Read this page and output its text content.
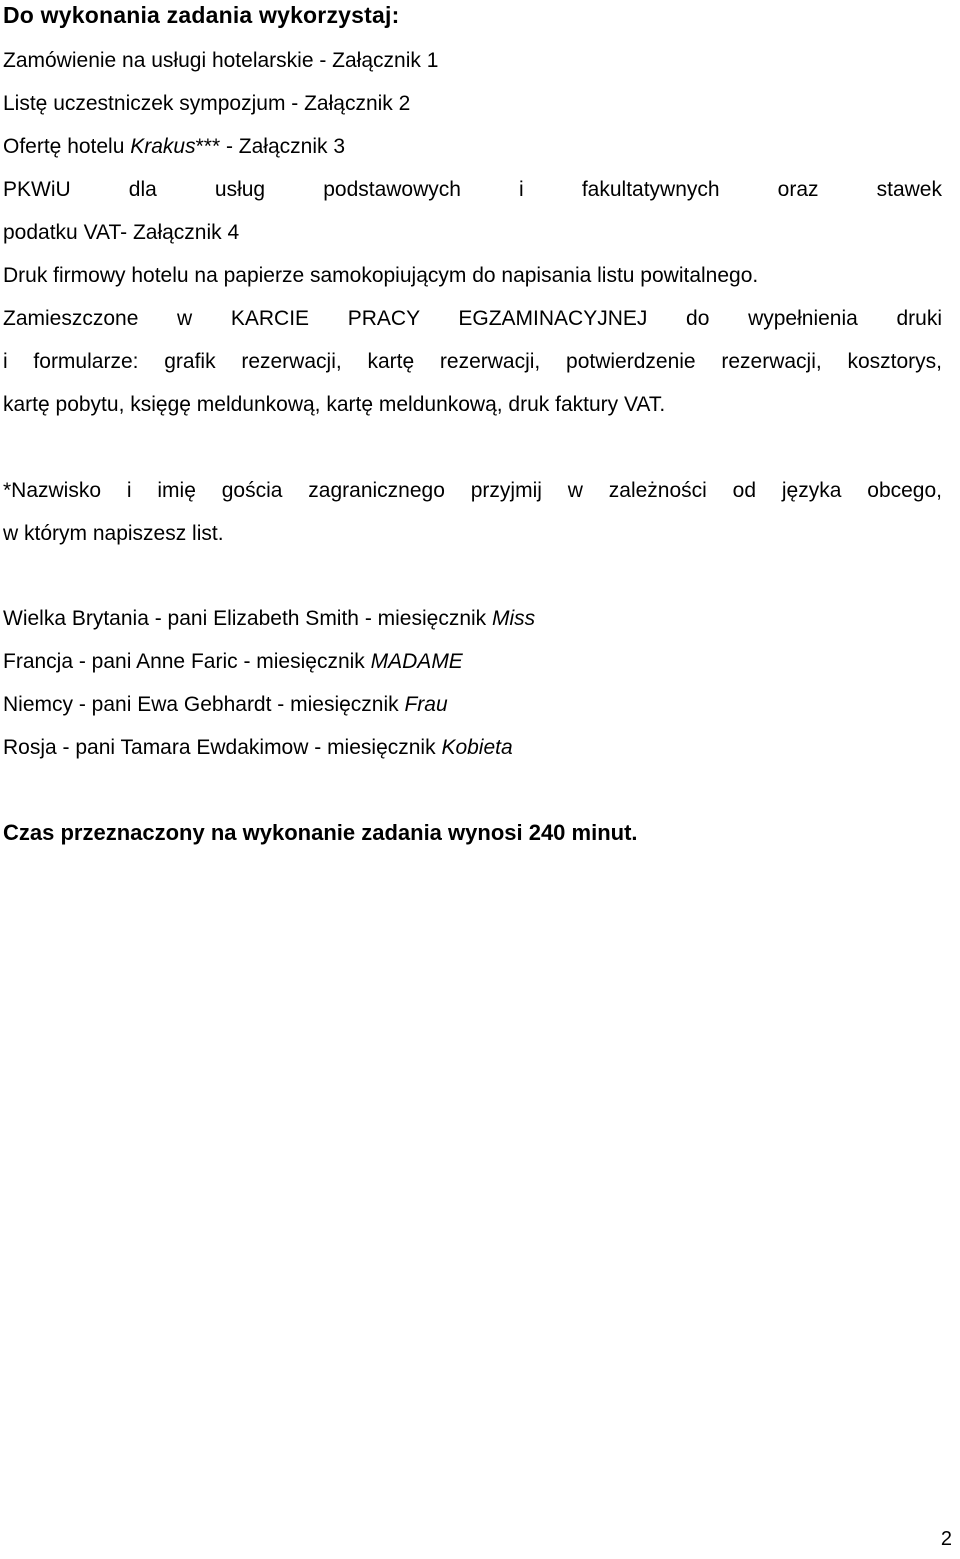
Do wykonania zadania wykorzystaj:
Zamówienie na usługi hotelarskie - Załącznik 1
Listę uczestniczek sympozjum - Załącznik 2
Ofertę hotelu Krakus*** - Załącznik 3
PKWiU dla usług podstawowych i fakultatywnych oraz stawek
podatku VAT- Załącznik 4
Druk firmowy hotelu na papierze samokopiującym do napisania listu powitalnego.
Zamieszczone w KARCIE PRACY EGZAMINACYJNEJ do wypełnienia druki
i formularze: grafik rezerwacji, kartę rezerwacji, potwierdzenie rezerwacji, kosztorys,
kartę pobytu, księgę meldunkową, kartę meldunkową, druk faktury VAT.
*Nazwisko i imię gościa zagranicznego przyjmij w zależności od języka obcego,
w którym napiszesz list.
Wielka Brytania - pani Elizabeth Smith - miesięcznik Miss
Francja - pani Anne Faric - miesięcznik MADAME
Niemcy - pani Ewa Gebhardt - miesięcznik Frau
Rosja - pani Tamara Ewdakimow - miesięcznik Kobieta
Czas przeznaczony na wykonanie zadania wynosi 240 minut.
2
